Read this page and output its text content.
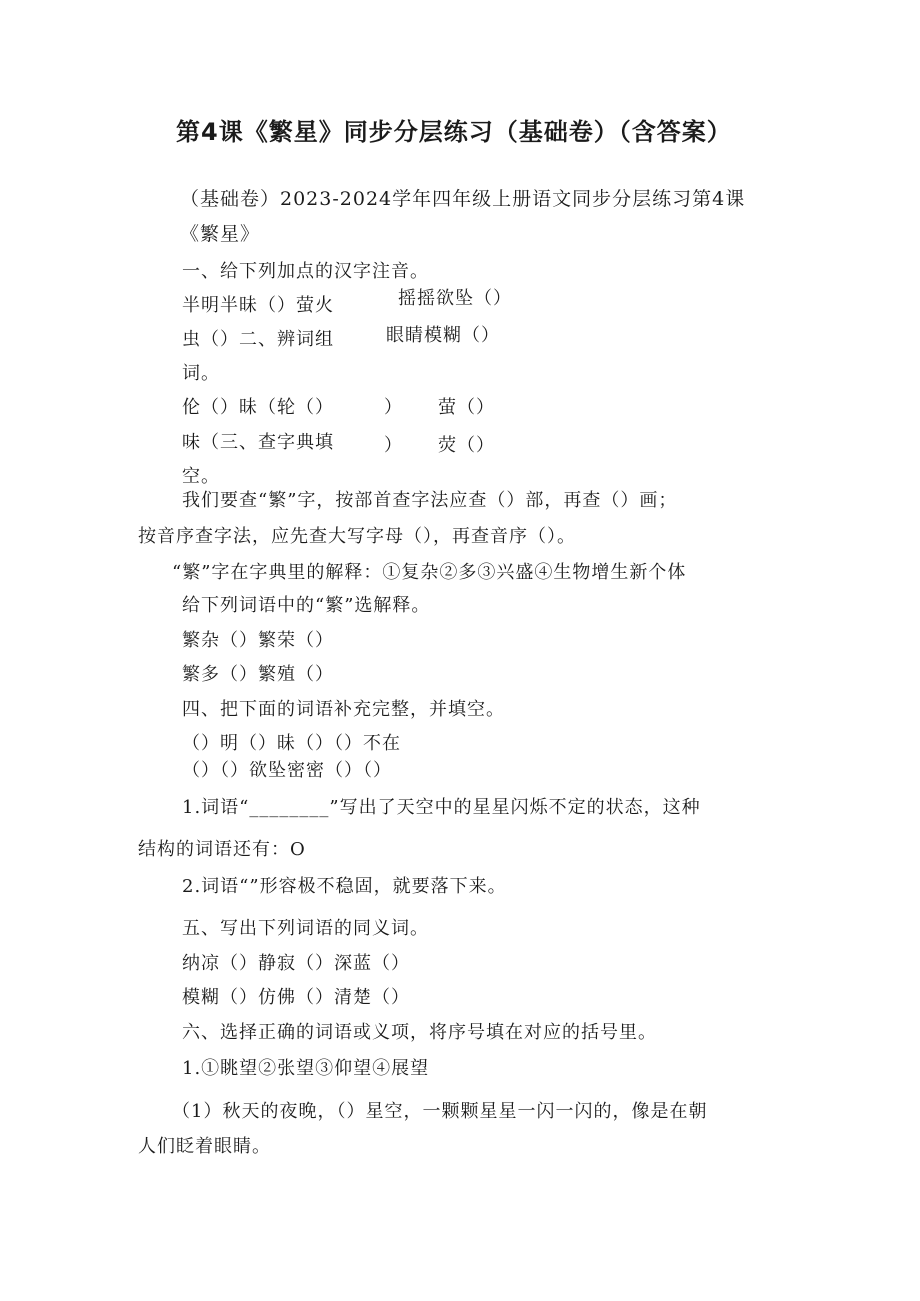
第4课《繁星》同步分层练习（基础卷）（含答案）
（基础卷）2023-2024学年四年级上册语文同步分层练习第4课
《繁星》
一、给下列加点的汉字注音。
半明半昧（）萤火	摇摇欲坠（）
虫（）二、辨词组	眼睛模糊（）
词。
伦（）昧（轮（）	） 萤（）
味（三、查字典填	） 荧（）
空。
我们要查“繁”字，按部首查字法应查（）部，再查（）画；
按音序查字法，应先查大写字母（），再查音序（）。
“繁”字在字典里的解释：①复杂②多③兴盛④生物增生新个体
给下列词语中的“繁”选解释。
繁杂（）繁荣（）
繁多（）繁殖（）
四、把下面的词语补充完整，并填空。
（）明（）昧（）（）不在
（）（）欲坠密密（）（）
1.词语“________”写出了天空中的星星闪烁不定的状态，这种
结构的词语还有：O
2.词语“”形容极不稳固，就要落下来。
五、写出下列词语的同义词。
纳凉（）静寂（）深蓝（）
模糊（）仿佛（）清楚（）
六、选择正确的词语或义项，将序号填在对应的括号里。
1.①眺望②张望③仰望④展望
（1）秋天的夜晚，（）星空，一颗颗星星一闪一闪的，像是在朝
人们眨着眼睛。
